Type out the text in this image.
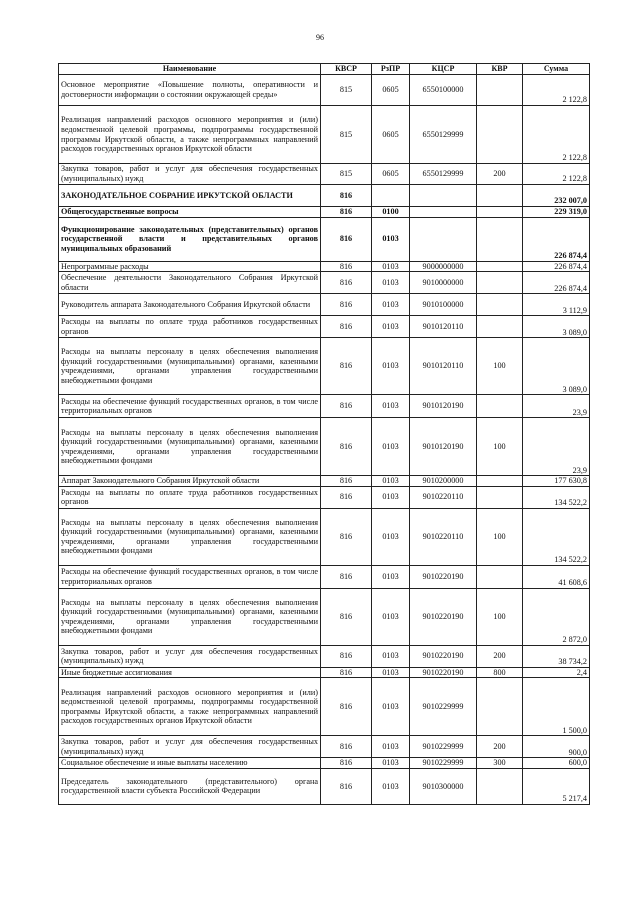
96
Наименование	КВСР	РзПР	КЦСР	КВР	Сумма
Основное мероприятие «Повышение полноты, оперативности и достоверности информации о состоянии окружающей среды»	815	0605	6550100000		2 122,8
Реализация направлений расходов основного мероприятия и (или) ведомственной целевой программы, подпрограммы государственной программы Иркутской области, а также непрограммных направлений расходов государственных органов Иркутской области	815	0605	6550129999		2 122,8
Закупка товаров, работ и услуг для обеспечения государственных (муниципальных) нужд	815	0605	6550129999	200	2 122,8
ЗАКОНОДАТЕЛЬНОЕ СОБРАНИЕ ИРКУТСКОЙ ОБЛАСТИ	816				232 007,0
Общегосударственные вопросы	816	0100			229 319,0
Функционирование законодательных (представительных) органов государственной власти и представительных органов муниципальных образований	816	0103			226 874,4
Непрограммные расходы	816	0103	9000000000		226 874,4
Обеспечение деятельности Законодательного Собрания Иркутской области	816	0103	9010000000		226 874,4
Руководитель аппарата Законодательного Собрания Иркутской области	816	0103	9010100000		3 112,9
Расходы на выплаты по оплате труда работников государственных органов	816	0103	9010120110		3 089,0
Расходы на выплаты персоналу в целях обеспечения выполнения функций государственными (муниципальными) органами, казенными учреждениями, органами управления государственными внебюджетными фондами	816	0103	9010120110	100	3 089,0
Расходы на обеспечение функций государственных органов, в том числе территориальных органов	816	0103	9010120190		23,9
Расходы на выплаты персоналу в целях обеспечения выполнения функций государственными (муниципальными) органами, казенными учреждениями, органами управления государственными внебюджетными фондами	816	0103	9010120190	100	23,9
Аппарат Законодательного Собрания Иркутской области	816	0103	9010200000		177 630,8
Расходы на выплаты по оплате труда работников государственных органов	816	0103	9010220110		134 522,2
Расходы на выплаты персоналу в целях обеспечения выполнения функций государственными (муниципальными) органами, казенными учреждениями, органами управления государственными внебюджетными фондами	816	0103	9010220110	100	134 522,2
Расходы на обеспечение функций государственных органов, в том числе территориальных органов	816	0103	9010220190		41 608,6
Расходы на выплаты персоналу в целях обеспечения выполнения функций государственными (муниципальными) органами, казенными учреждениями, органами управления государственными внебюджетными фондами	816	0103	9010220190	100	2 872,0
Закупка товаров, работ и услуг для обеспечения государственных (муниципальных) нужд	816	0103	9010220190	200	38 734,2
Иные бюджетные ассигнования	816	0103	9010220190	800	2,4
Реализация направлений расходов основного мероприятия и (или) ведомственной целевой программы, подпрограммы государственной программы Иркутской области, а также непрограммных направлений расходов государственных органов Иркутской области	816	0103	9010229999		1 500,0
Закупка товаров, работ и услуг для обеспечения государственных (муниципальных) нужд	816	0103	9010229999	200	900,0
Социальное обеспечение и иные выплаты населению	816	0103	9010229999	300	600,0
Председатель законодательного (представительного) органа государственной власти субъекта Российской Федерации	816	0103	9010300000		5 217,4
